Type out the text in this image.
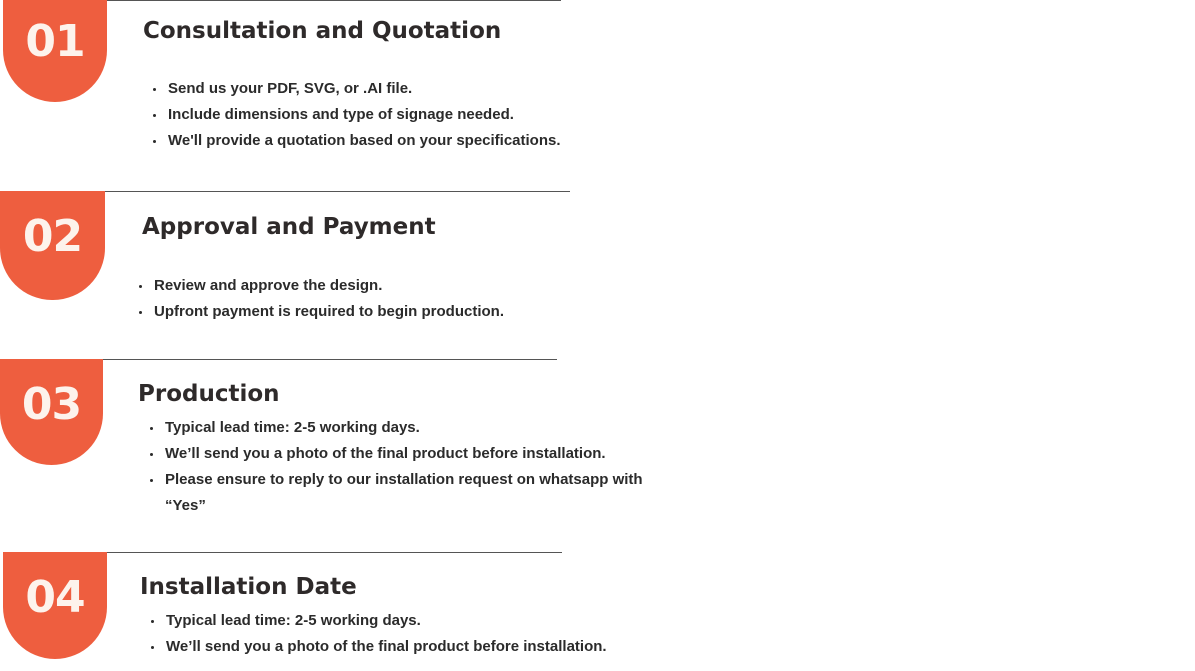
01	Consultation and Quotation
Send us your PDF, SVG, or .AI file.
Include dimensions and type of signage needed.
We'll provide a quotation based on your specifications.
02	Approval and Payment
Review and approve the design.
Upfront payment is required to begin production.
03 Production
Typical lead time: 2-5 working days.
We’ll send you a photo of the final product before installation.
Please ensure to reply to our installation request on whatsapp with “Yes”
04 Installation Date
Typical lead time: 2-5 working days.
We’ll send you a photo of the final product before installation.
